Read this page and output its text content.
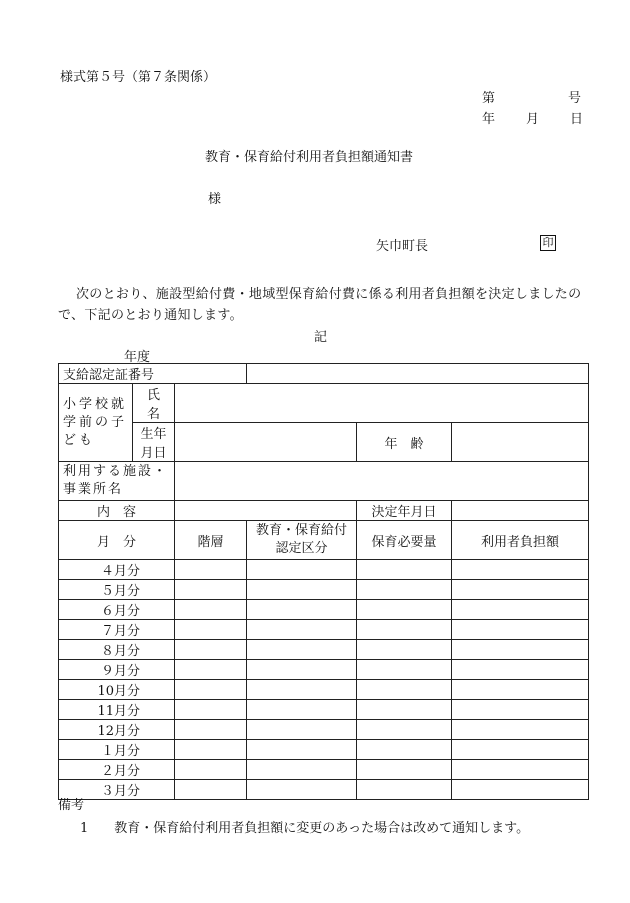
様式第５号（第７条関係）
第	号
年 月 日
教育・保育給付利用者負担額通知書
様
矢巾町長	印
次のとおり、施設型給付費・地域型保育給付費に係る利用者負担額を決定しましたので、下記のとおり通知します。
記
年度
支給認定証番号					
小学校就学前の子ども	氏　　名				
	生年月日			年　齢	
利用する施設・事業所名					
内　容				決定年月日	
月　分		階層	教育・保育給付認定区分	保育必要量	利用者負担額
４月分					
５月分					
６月分					
７月分					
８月分					
９月分					
10月分					
11月分					
12月分					
１月分					
２月分					
３月分					
備考
1　　 教育・保育給付利用者負担額に変更のあった場合は改めて通知します。
